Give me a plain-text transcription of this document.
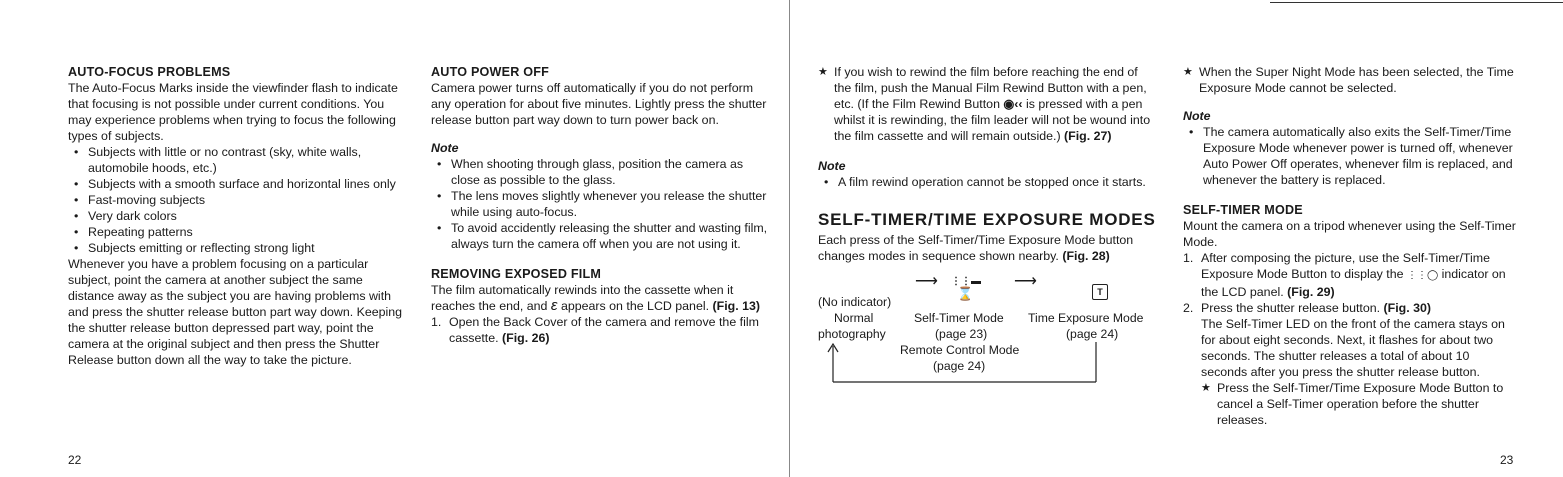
AUTO-FOCUS PROBLEMS

The Auto-Focus Marks inside the viewfinder flash to indicate that focusing is not possible under current conditions. You may experience problems when trying to focus the following types of subjects.

• Subjects with little or no contrast (sky, white walls, automobile hoods, etc.)
• Subjects with a smooth surface and horizontal lines only
• Fast-moving subjects
• Very dark colors
• Repeating patterns
• Subjects emitting or reflecting strong light

Whenever you have a problem focusing on a particular subject, point the camera at another subject the same distance away as the subject you are having problems with and press the shutter release button part way down. Keeping the shutter release button depressed part way, point the camera at the original subject and then press the Shutter Release button down all the way to take the picture.

AUTO POWER OFF

Camera power turns off automatically if you do not perform any operation for about five minutes. Lightly press the shutter release button part way down to turn power back on.

Note
• When shooting through glass, position the camera as close as possible to the glass.
• The lens moves slightly whenever you release the shutter while using auto-focus.
• To avoid accidently releasing the shutter and wasting film, always turn the camera off when you are not using it.
REMOVING EXPOSED FILM

The film automatically rewinds into the cassette when it reaches the end, and ε appears on the LCD panel. (Fig. 13)

1. Open the Back Cover of the camera and remove the film cassette. (Fig. 26)
22

★ If you wish to rewind the film before reaching the end of the film, push the Manual Film Rewind Button with a pen, etc. (If the Film Rewind Button ◉‹‹ is pressed with a pen whilst it is rewinding, the film leader will not be wound into the film cassette and will remain outside.) (Fig. 27)

Note
• A film rewind operation cannot be stopped once it starts.
SELF-TIMER/TIME EXPOSURE MODES

Each press of the Self-Timer/Time Exposure Mode button changes modes in sequence shown nearby. (Fig. 28)

⟶ ⋮⋮▬
⌛
⟶
T
(No indicator)
Normal
photography
Self-Timer Mode
(page 23)
Time Exposure Mode
(page 24)
Remote Control Mode
(page 24)

★ When the Super Night Mode has been selected, the Time Exposure Mode cannot be selected.

Note
• The camera automatically also exits the Self-Timer/Time Exposure Mode whenever power is turned off, whenever Auto Power Off operates, whenever film is replaced, and whenever the battery is replaced.
SELF-TIMER MODE

Mount the camera on a tripod whenever using the Self-Timer Mode.

1. After composing the picture, use the Self-Timer/Time Exposure Mode Button to display the ⋮⋮◯ indicator on the LCD panel. (Fig. 29)
2. Press the shutter release button. (Fig. 30)

The Self-Timer LED on the front of the camera stays on for about eight seconds. Next, it flashes for about two seconds. The shutter releases a total of about 10 seconds after you press the shutter release button.

★ Press the Self-Timer/Time Exposure Mode Button to cancel a Self-Timer operation before the shutter releases.

23
